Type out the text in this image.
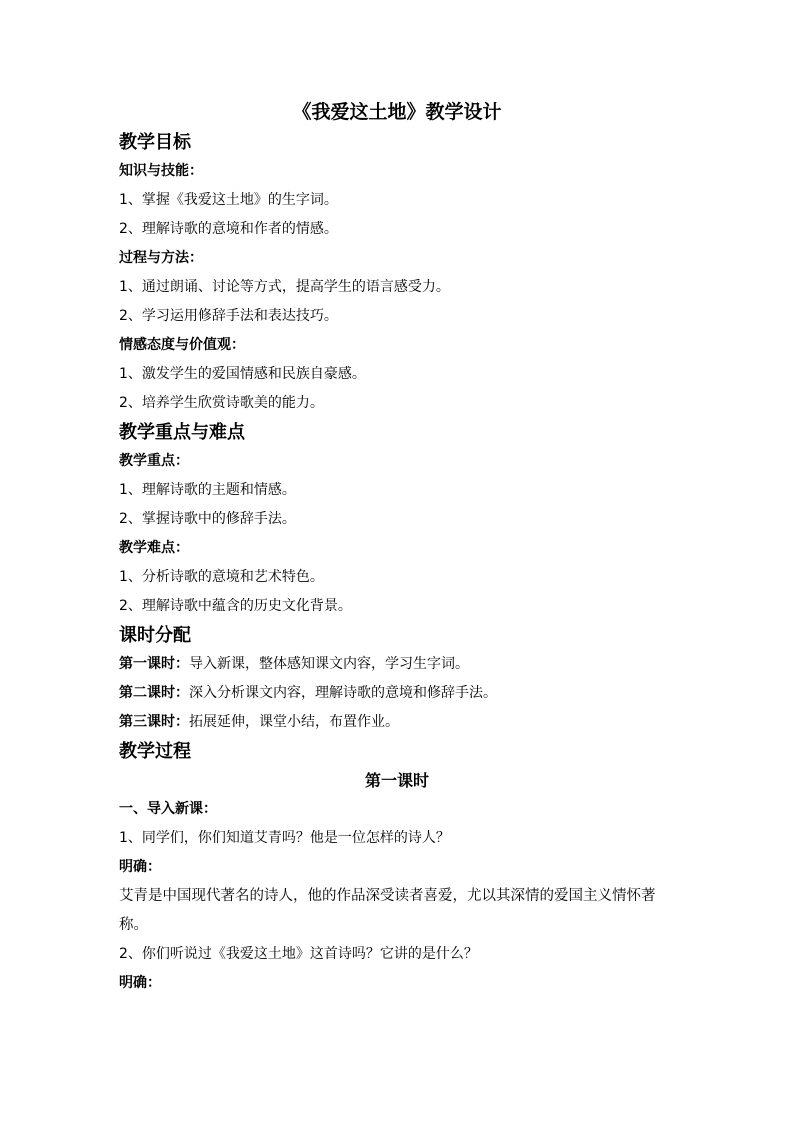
《我爱这土地》教学设计
教学目标
知识与技能：
1、掌握《我爱这土地》的生字词。
2、理解诗歌的意境和作者的情感。
过程与方法：
1、通过朗诵、讨论等方式，提高学生的语言感受力。
2、学习运用修辞手法和表达技巧。
情感态度与价值观：
1、激发学生的爱国情感和民族自豪感。
2、培养学生欣赏诗歌美的能力。
教学重点与难点
教学重点：
1、理解诗歌的主题和情感。
2、掌握诗歌中的修辞手法。
教学难点：
1、分析诗歌的意境和艺术特色。
2、理解诗歌中蕴含的历史文化背景。
课时分配
第一课时：导入新课，整体感知课文内容，学习生字词。
第二课时：深入分析课文内容，理解诗歌的意境和修辞手法。
第三课时：拓展延伸，课堂小结，布置作业。
教学过程
第一课时
一、导入新课：
1、同学们，你们知道艾青吗？他是一位怎样的诗人？
明确：
艾青是中国现代著名的诗人，他的作品深受读者喜爱，尤以其深情的爱国主义情怀著称。
2、你们听说过《我爱这土地》这首诗吗？它讲的是什么？
明确：
